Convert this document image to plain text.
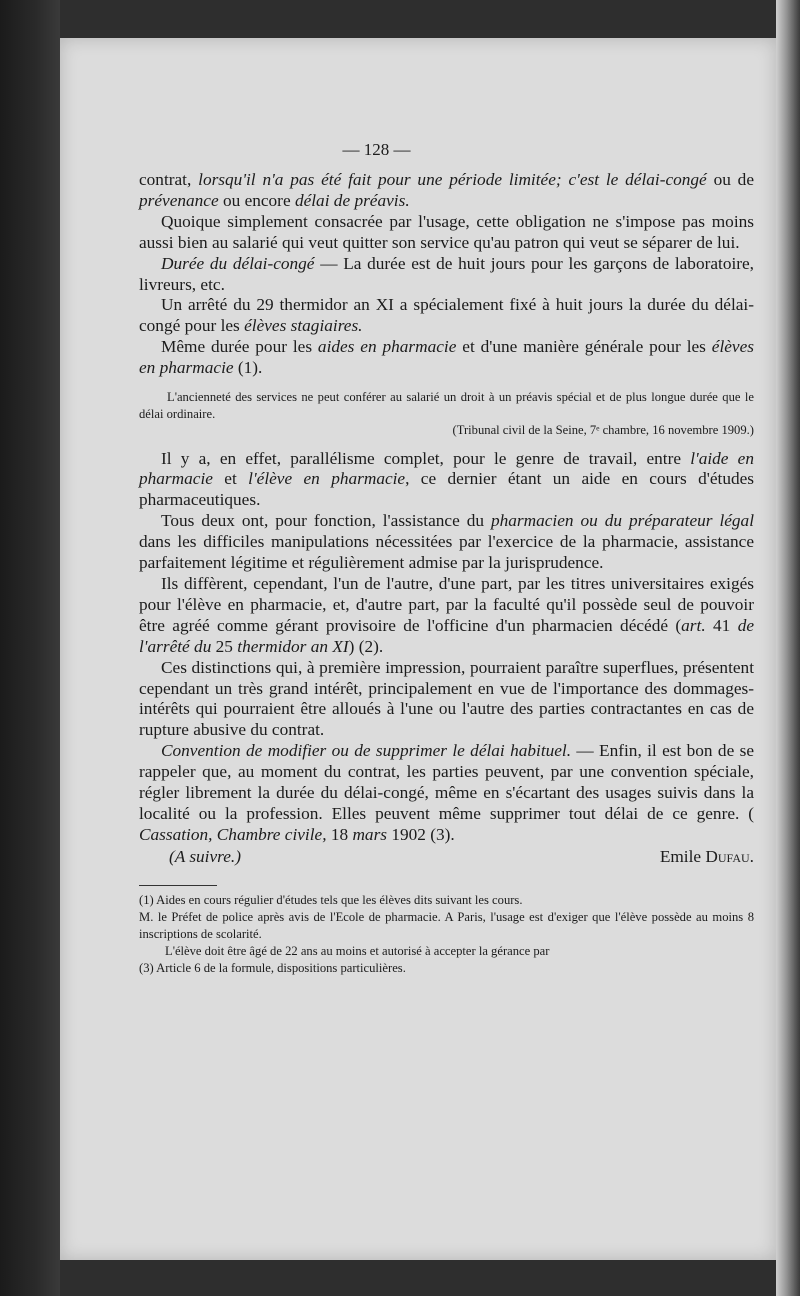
— 128 —

contrat, lorsqu'il n'a pas été fait pour une période limitée; c'est le délai-congé ou de prévenance ou encore délai de préavis.

Quoique simplement consacrée par l'usage, cette obligation ne s'impose pas moins aussi bien au salarié qui veut quitter son service qu'au patron qui veut se séparer de lui.

Durée du délai-congé — La durée est de huit jours pour les garçons de laboratoire, livreurs, etc.

Un arrêté du 29 thermidor an XI a spécialement fixé à huit jours la durée du délai-congé pour les élèves stagiaires.

Même durée pour les aides en pharmacie et d'une manière générale pour les élèves en pharmacie (1).

L'ancienneté des services ne peut conférer au salarié un droit à un préavis spécial et de plus longue durée que le délai ordinaire.

(Tribunal civil de la Seine, 7ᵉ chambre, 16 novembre 1909.)

Il y a, en effet, parallélisme complet, pour le genre de travail, entre l'aide en pharmacie et l'élève en pharmacie, ce dernier étant un aide en cours d'études pharmaceutiques.

Tous deux ont, pour fonction, l'assistance du pharmacien ou du préparateur légal dans les difficiles manipulations nécessitées par l'exercice de la pharmacie, assistance parfaitement légitime et régulièrement admise par la jurisprudence.

Ils diffèrent, cependant, l'un de l'autre, d'une part, par les titres universitaires exigés pour l'élève en pharmacie, et, d'autre part, par la faculté qu'il possède seul de pouvoir être agréé comme gérant provisoire de l'officine d'un pharmacien décédé (art. 41 de l'arrêté du 25 thermidor an XI) (2).

Ces distinctions qui, à première impression, pourraient paraître superflues, présentent cependant un très grand intérêt, principalement en vue de l'importance des dommages-intérêts qui pourraient être alloués à l'une ou l'autre des parties contractantes en cas de rupture abusive du contrat.

Convention de modifier ou de supprimer le délai habituel. — Enfin, il est bon de se rappeler que, au moment du contrat, les parties peuvent, par une convention spéciale, régler librement la durée du délai-congé, même en s'écartant des usages suivis dans la localité ou la profession. Elles peuvent même supprimer tout délai de ce genre. ( Cassation, Chambre civile, 18 mars 1902 (3).

(A suivre.)	Emile Dufau.

(1) Aides en cours régulier d'études tels que les élèves dits suivant les cours.

M. le Préfet de police après avis de l'Ecole de pharmacie. A Paris, l'usage est d'exiger que l'élève possède au moins 8 inscriptions de scolarité.

L'élève doit être âgé de 22 ans au moins et autorisé à accepter la gérance par

(3) Article 6 de la formule, dispositions particulières.
